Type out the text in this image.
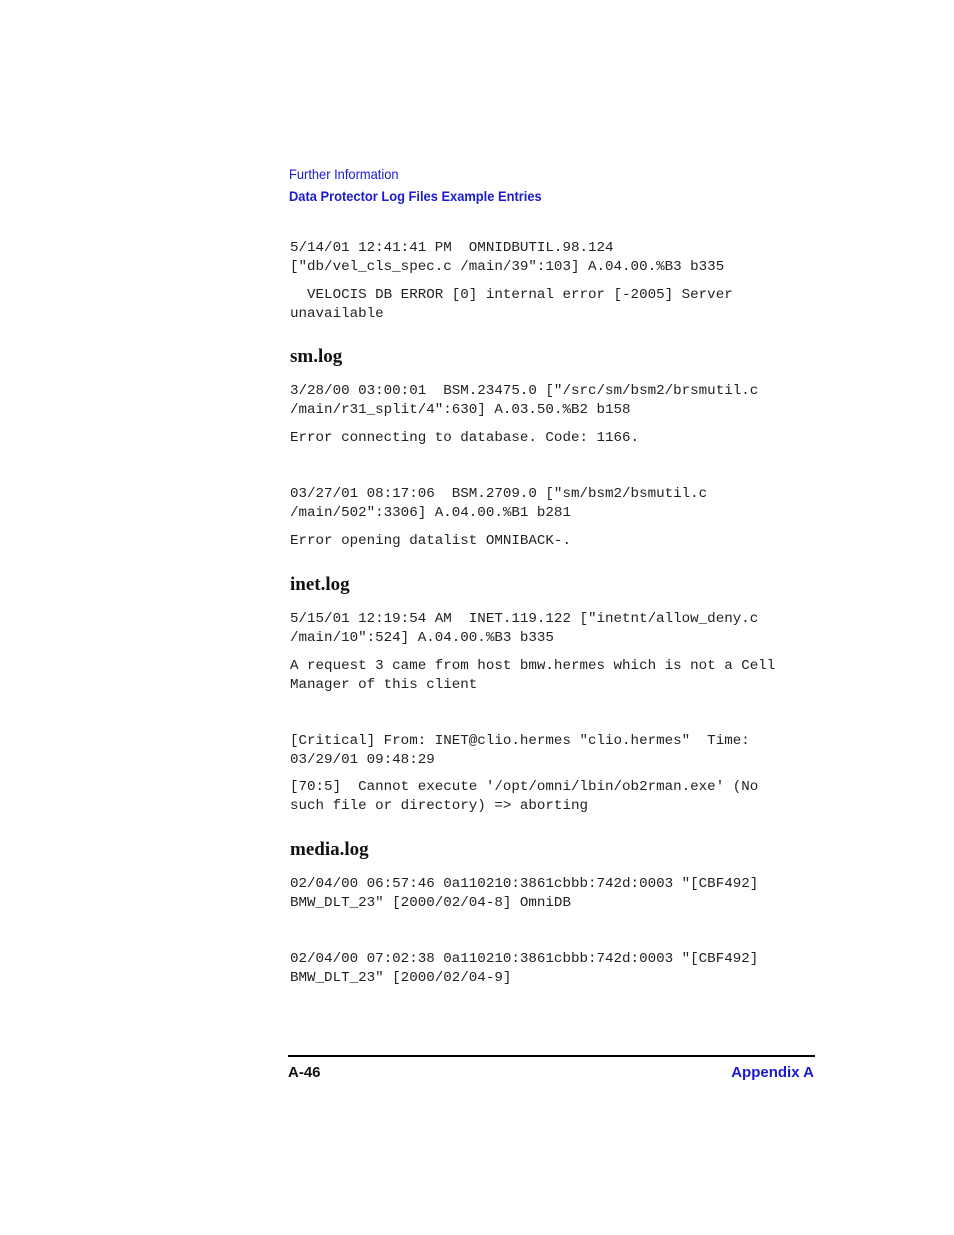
Further Information
Data Protector Log Files Example Entries
5/14/01 12:41:41 PM  OMNIDBUTIL.98.124
["db/vel_cls_spec.c /main/39":103] A.04.00.%B3 b335
VELOCIS DB ERROR [0] internal error [-2005] Server
unavailable
sm.log
3/28/00 03:00:01  BSM.23475.0 ["/src/sm/bsm2/brsmutil.c
/main/r31_split/4":630] A.03.50.%B2 b158
Error connecting to database. Code: 1166.
03/27/01 08:17:06  BSM.2709.0 ["sm/bsm2/bsmutil.c
/main/502":3306] A.04.00.%B1 b281
Error opening datalist OMNIBACK-.
inet.log
5/15/01 12:19:54 AM  INET.119.122 ["inetnt/allow_deny.c
/main/10":524] A.04.00.%B3 b335
A request 3 came from host bmw.hermes which is not a Cell
Manager of this client
[Critical] From: INET@clio.hermes "clio.hermes"  Time:
03/29/01 09:48:29
[70:5]  Cannot execute '/opt/omni/lbin/ob2rman.exe' (No
such file or directory) => aborting
media.log
02/04/00 06:57:46 0a110210:3861cbbb:742d:0003 "[CBF492]
BMW_DLT_23" [2000/02/04-8] OmniDB
02/04/00 07:02:38 0a110210:3861cbbb:742d:0003 "[CBF492]
BMW_DLT_23" [2000/02/04-9]
A-46	Appendix A
